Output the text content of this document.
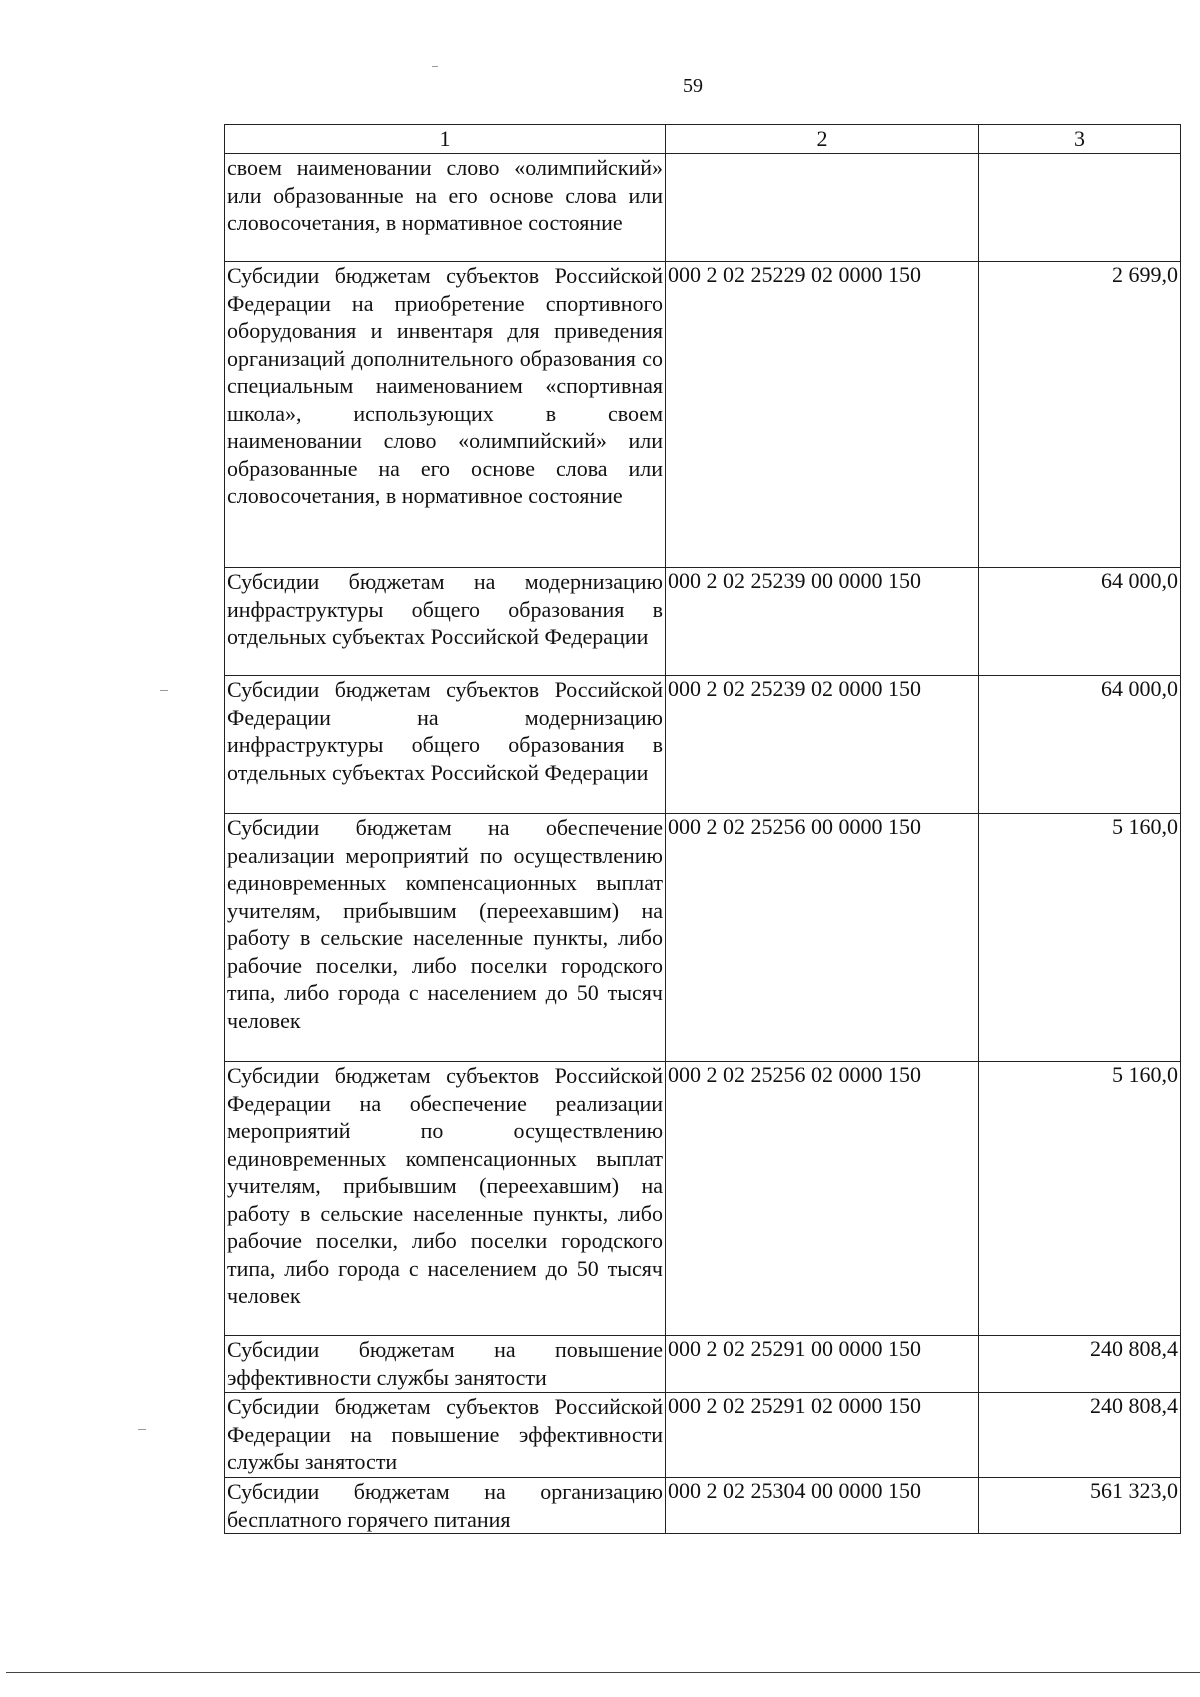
59
1	2	3
своем наименовании слово «олимпийский» или образованные на его основе слова или словосочетания, в нормативное состояние		
Субсидии бюджетам субъектов Российской Федерации на приобретение спортивного оборудования и инвентаря для приведения организаций дополнительного образования со специальным наименованием «спортивная школа», использующих в своем наименовании слово «олимпийский» или образованные на его основе слова или словосочетания, в нормативное состояние	000 2 02 25229 02 0000 150	2 699,0
Субсидии бюджетам на модернизацию инфраструктуры общего образования в отдельных субъектах Российской Федерации	000 2 02 25239 00 0000 150	64 000,0
Субсидии бюджетам субъектов Российской Федерации на модернизацию инфраструктуры общего образования в отдельных субъектах Российской Федерации	000 2 02 25239 02 0000 150	64 000,0
Субсидии бюджетам на обеспечение реализации мероприятий по осуществлению единовременных компенсационных выплат учителям, прибывшим (переехавшим) на работу в сельские населенные пункты, либо рабочие поселки, либо поселки городского типа, либо города с населением до 50 тысяч человек	000 2 02 25256 00 0000 150	5 160,0
Субсидии бюджетам субъектов Российской Федерации на обеспечение реализации мероприятий по осуществлению единовременных компенсационных выплат учителям, прибывшим (переехавшим) на работу в сельские населенные пункты, либо рабочие поселки, либо поселки городского типа, либо города с населением до 50 тысяч человек	000 2 02 25256 02 0000 150	5 160,0
Субсидии бюджетам на повышение эффективности службы занятости	000 2 02 25291 00 0000 150	240 808,4
Субсидии бюджетам субъектов Российской Федерации на повышение эффективности службы занятости	000 2 02 25291 02 0000 150	240 808,4
Субсидии бюджетам на организацию бесплатного горячего питания	000 2 02 25304 00 0000 150	561 323,0
